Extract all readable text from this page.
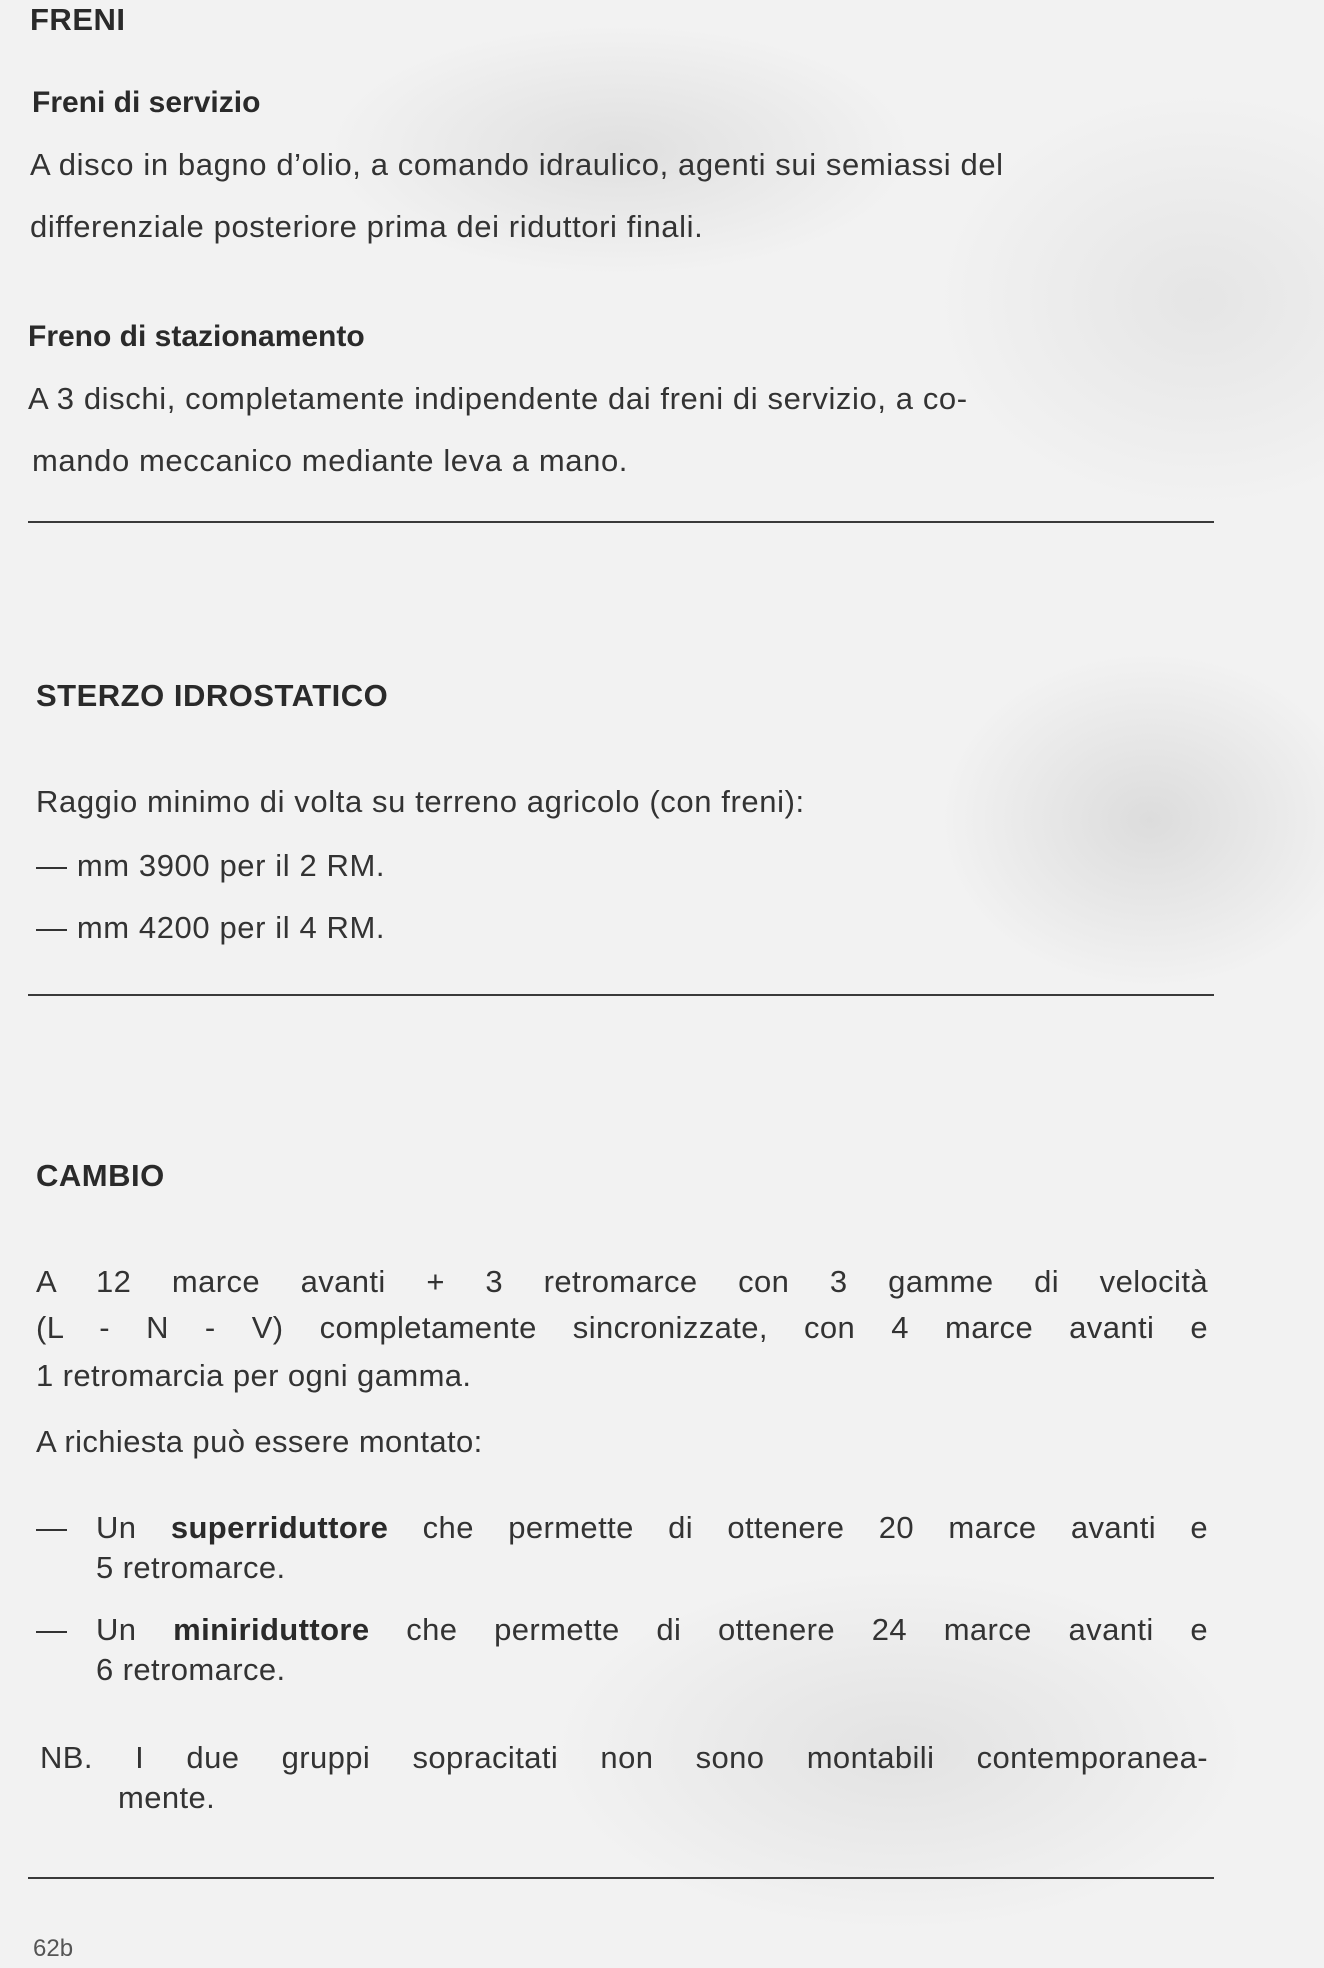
FRENI
Freni di servizio
A disco in bagno d’olio, a comando idraulico, agenti sui semiassi del
differenziale posteriore prima dei riduttori finali.
Freno di stazionamento
A 3 dischi, completamente indipendente dai freni di servizio, a co-
mando meccanico mediante leva a mano.
STERZO IDROSTATICO
Raggio minimo di volta su terreno agricolo (con freni):
— mm 3900 per il 2 RM.
— mm 4200 per il 4 RM.
CAMBIO
A 12 marce avanti + 3 retromarce con 3 gamme di velocità
(L - N - V) completamente sincronizzate, con 4 marce avanti e
1 retromarcia per ogni gamma.
A richiesta può essere montato:
— Un superriduttore che permette di ottenere 20 marce avanti e
5 retromarce.
— Un miniriduttore che permette di ottenere 24 marce avanti e
6 retromarce.
NB. I due gruppi sopracitati non sono montabili contemporanea-
mente.
62b
